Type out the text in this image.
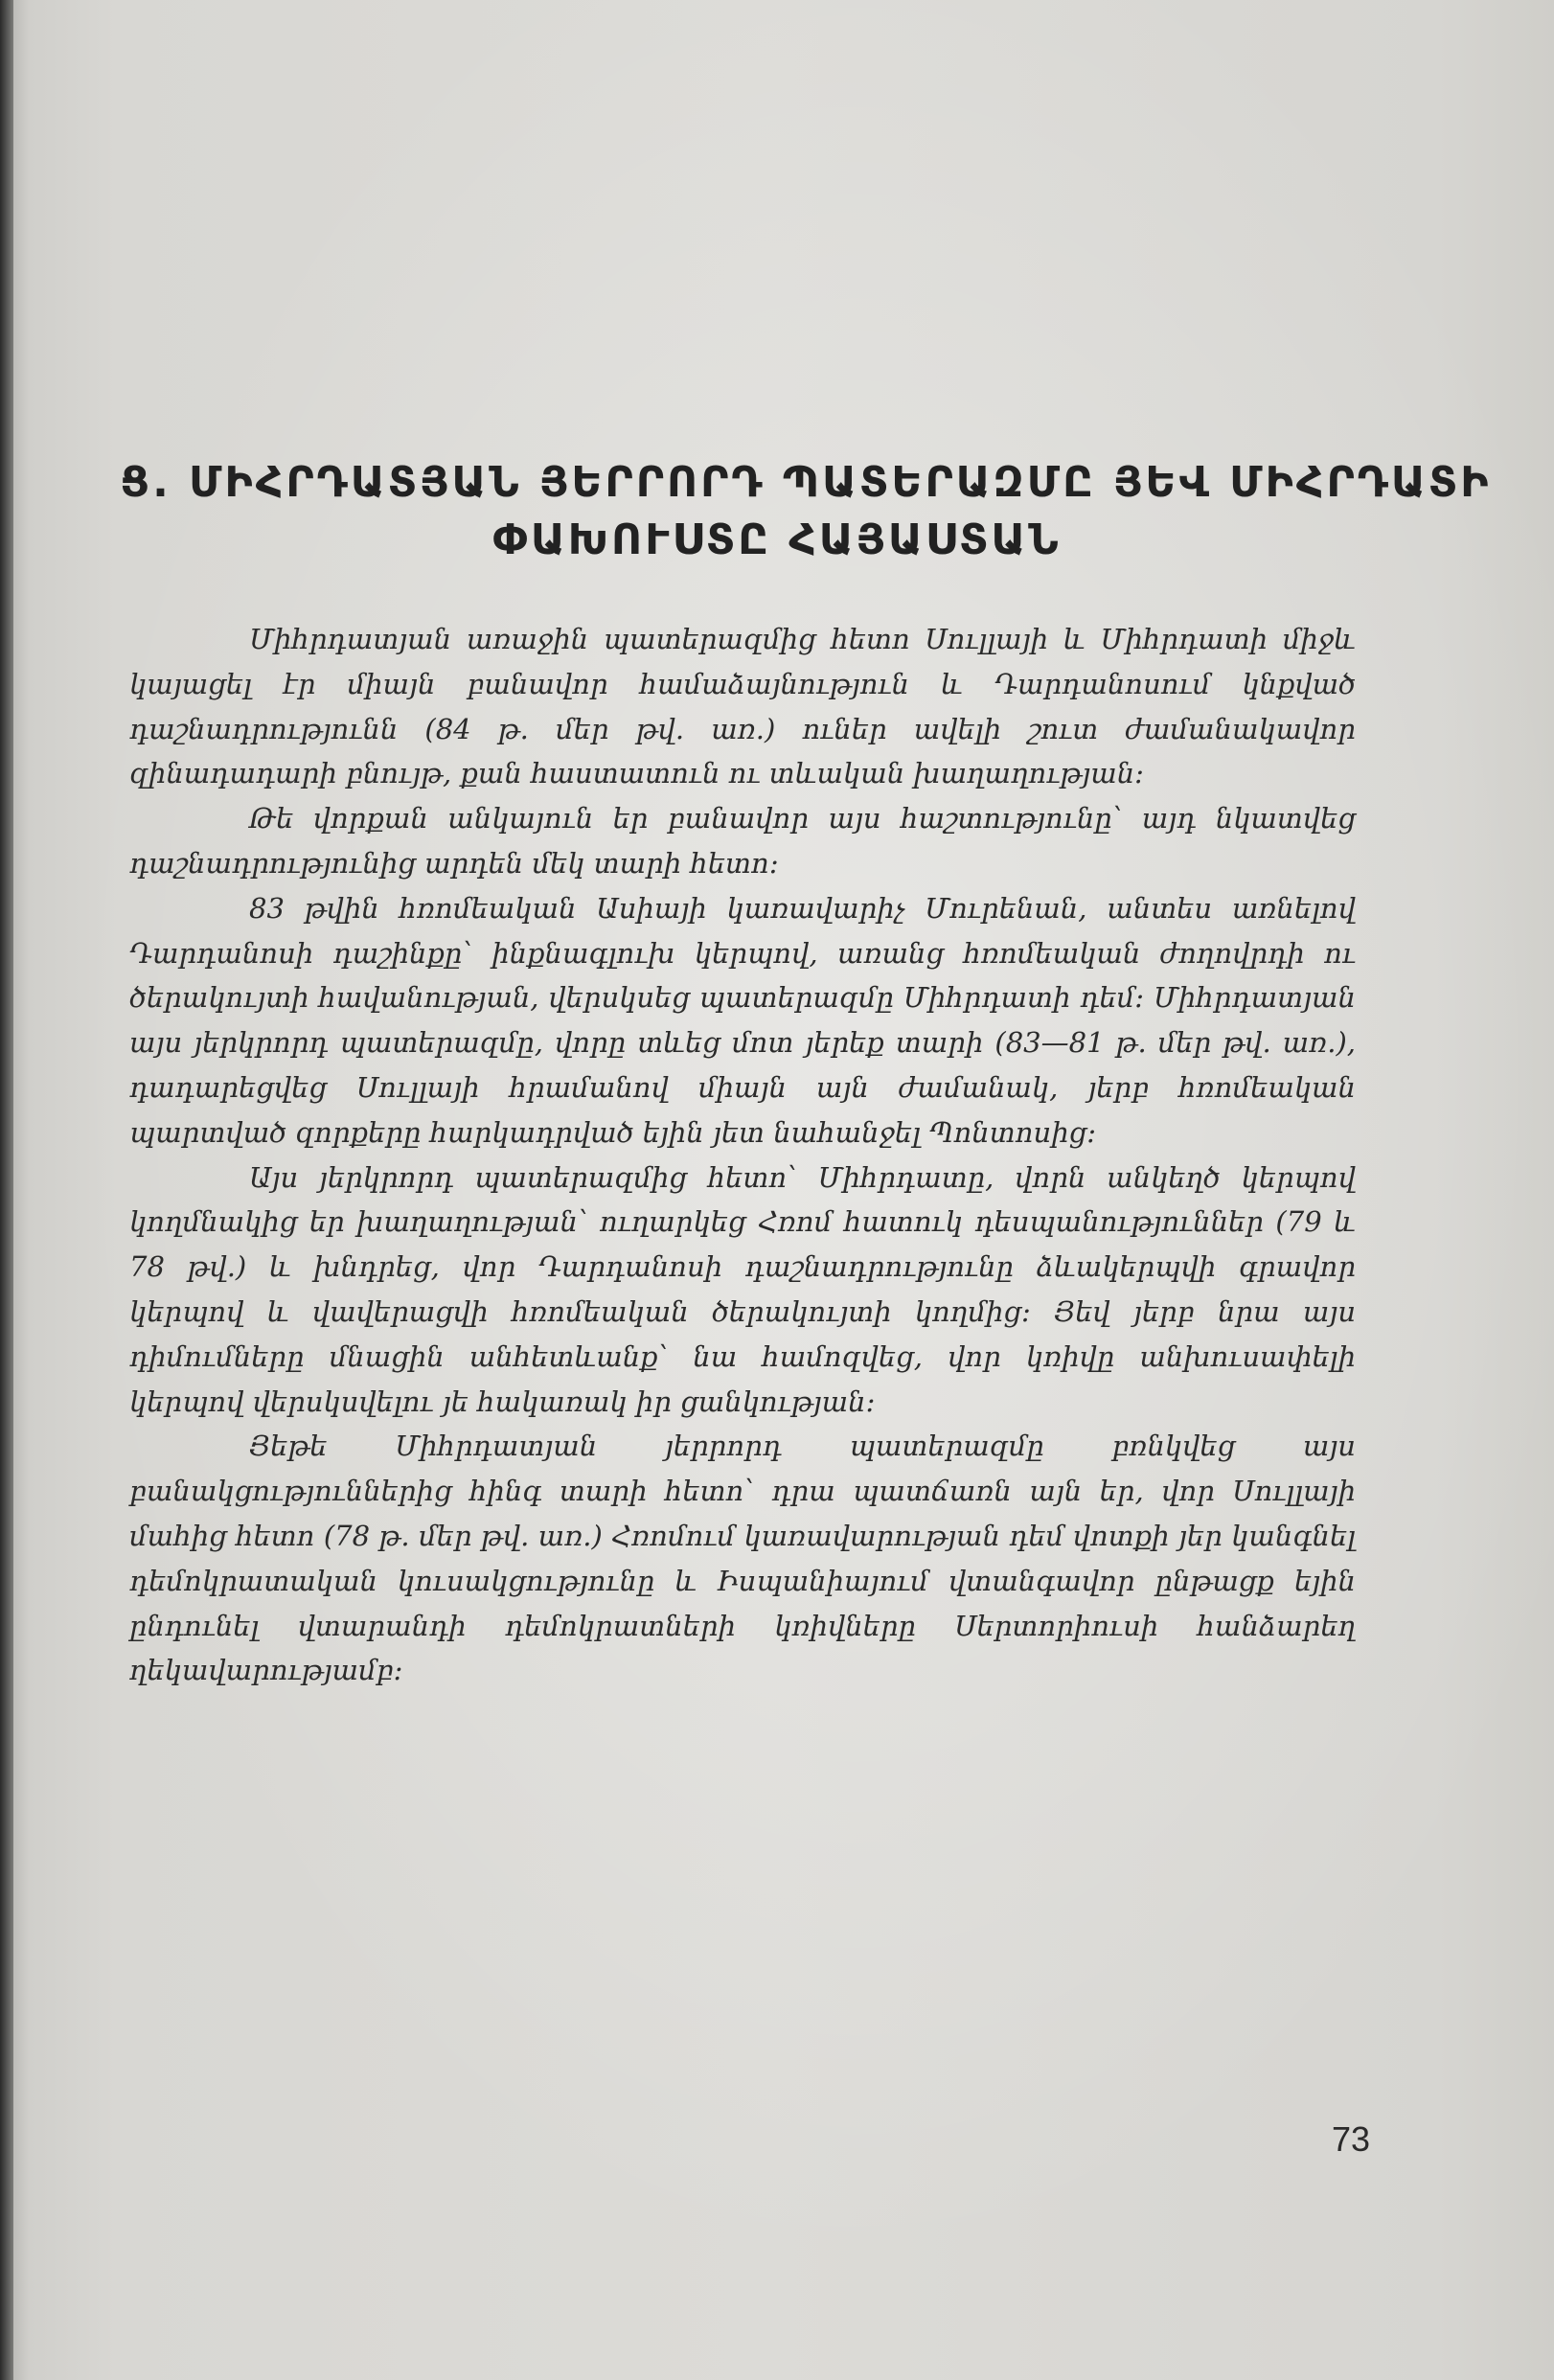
Ց. ՄԻՀՐԴԱՏՅԱՆ ՅԵՐՐՈՐԴ ՊԱՏԵՐԱԶՄԸ ՅԵՎ ՄԻՀՐԴԱՏԻ
ՓԱԽՈՒՍՏԸ ՀԱՅԱՍՏԱՆ

Միհրդատյան առաջին պատերազմից հետո Սուլլայի և Միհրդատի միջև կայացել էր միայն բանավոր համաձայնություն և Դարդանոսում կնքված դաշնադրությունն (84 թ. մեր թվ. առ.) ուներ ավելի շուտ ժամանակավոր զինադադարի բնույթ, քան հաստատուն ու տևական խաղաղության:

Թե վորքան անկայուն եր բանավոր այս հաշտությունը՝ այդ նկատվեց դաշնադրությունից արդեն մեկ տարի հետո:

83 թվին հռոմեական Ասիայի կառավարիչ Մուրենան, անտես առնելով Դարդանոսի դաշինքը՝ ինքնագլուխ կերպով, առանց հռոմեական ժողովրդի ու ծերակույտի հավանության, վերսկսեց պատերազմը Միհրդատի դեմ: Միհրդատյան այս յերկրորդ պատերազմը, վորը տևեց մոտ յերեք տարի (83—81 թ. մեր թվ. առ.), դադարեցվեց Սուլլայի հրամանով միայն այն ժամանակ, յերբ հռոմեական պարտված զորքերը հարկադրված եյին յետ նահանջել Պոնտոսից:

Այս յերկրորդ պատերազմից հետո՝ Միհրդատը, վորն անկեղծ կերպով կողմնակից եր խաղաղության՝ ուղարկեց Հռոմ հատուկ դեսպանություններ (79 և 78 թվ.) և խնդրեց, վոր Դարդանոսի դաշնադրությունը ձևակերպվի գրավոր կերպով և վավերացվի հռոմեական ծերակույտի կողմից: Յեվ յերբ նրա այս դիմումները մնացին անհետևանք՝ նա համոզվեց, վոր կռիվը անխուսափելի կերպով վերսկսվելու յե հակառակ իր ցանկության:

Յեթե Միհրդատյան յերրորդ պատերազմը բռնկվեց այս բանակցություններից հինգ տարի հետո՝ դրա պատճառն այն եր, վոր Սուլլայի մահից հետո (78 թ. մեր թվ. առ.) Հռոմում կառավարության դեմ վոտքի յեր կանգնել դեմոկրատական կուսակցությունը և Իսպանիայում վտանգավոր ընթացք եյին ընդունել վտարանդի դեմոկրատների կռիվները Սերտորիուսի հանձարեղ ղեկավարությամբ:

73
